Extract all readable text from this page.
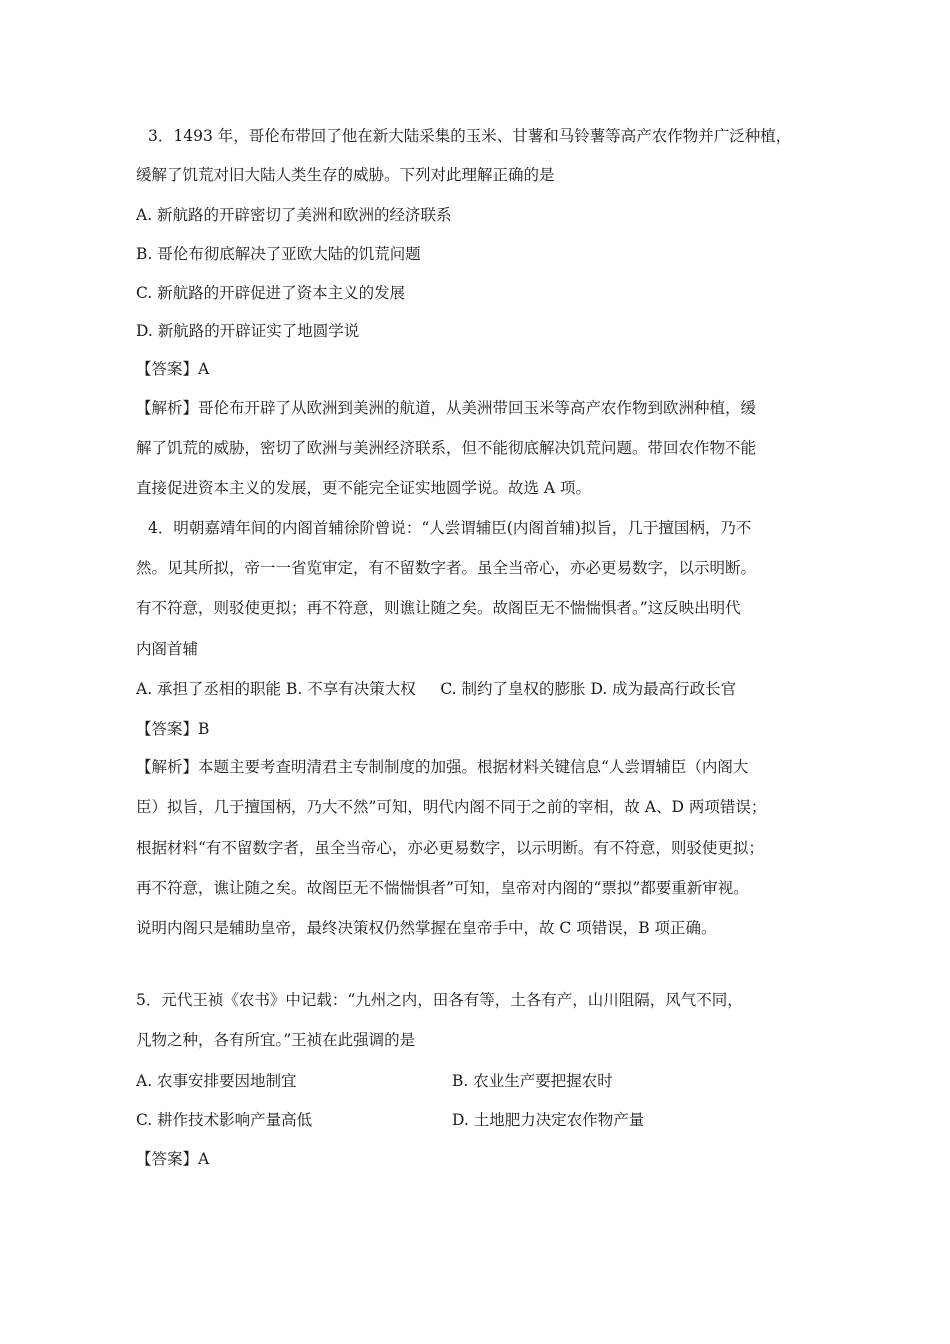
3．1493 年，哥伦布带回了他在新大陆采集的玉米、甘薯和马铃薯等高产农作物并广泛种植，
缓解了饥荒对旧大陆人类生存的威胁。下列对此理解正确的是
A. 新航路的开辟密切了美洲和欧洲的经济联系
B. 哥伦布彻底解决了亚欧大陆的饥荒问题
C. 新航路的开辟促进了资本主义的发展
D. 新航路的开辟证实了地圆学说
【答案】A
【解析】哥伦布开辟了从欧洲到美洲的航道，从美洲带回玉米等高产农作物到欧洲种植，缓
解了饥荒的威胁，密切了欧洲与美洲经济联系，但不能彻底解决饥荒问题。带回农作物不能
直接促进资本主义的发展，更不能完全证实地圆学说。故选 A 项。
4．明朝嘉靖年间的内阁首辅徐阶曾说：“人尝谓辅臣(内阁首辅)拟旨，几于擅国柄，乃不
然。见其所拟，帝一一省览审定，有不留数字者。虽全当帝心，亦必更易数字，以示明断。
有不符意，则驳使更拟；再不符意，则谯让随之矣。故阁臣无不惴惴惧者。”这反映出明代
内阁首辅
A. 承担了丞相的职能 B. 不享有决策大权     C. 制约了皇权的膨胀 D. 成为最高行政长官
【答案】B
【解析】本题主要考查明清君主专制制度的加强。根据材料关键信息“人尝谓辅臣（内阁大
臣）拟旨，几于擅国柄，乃大不然”可知，明代内阁不同于之前的宰相，故 A、D 两项错误；
根据材料“有不留数字者，虽全当帝心，亦必更易数字，以示明断。有不符意，则驳使更拟；
再不符意，谯让随之矣。故阁臣无不惴惴惧者”可知，皇帝对内阁的“票拟”都要重新审视。
说明内阁只是辅助皇帝，最终决策权仍然掌握在皇帝手中，故 C 项错误，B 项正确。
5．元代王祯《农书》中记载：“九州之内，田各有等，土各有产，山川阻隔，风气不同，
凡物之种，各有所宜。”王祯在此强调的是
A. 农事安排要因地制宜	B. 农业生产要把握农时
C. 耕作技术影响产量高低	D. 土地肥力决定农作物产量
【答案】A
